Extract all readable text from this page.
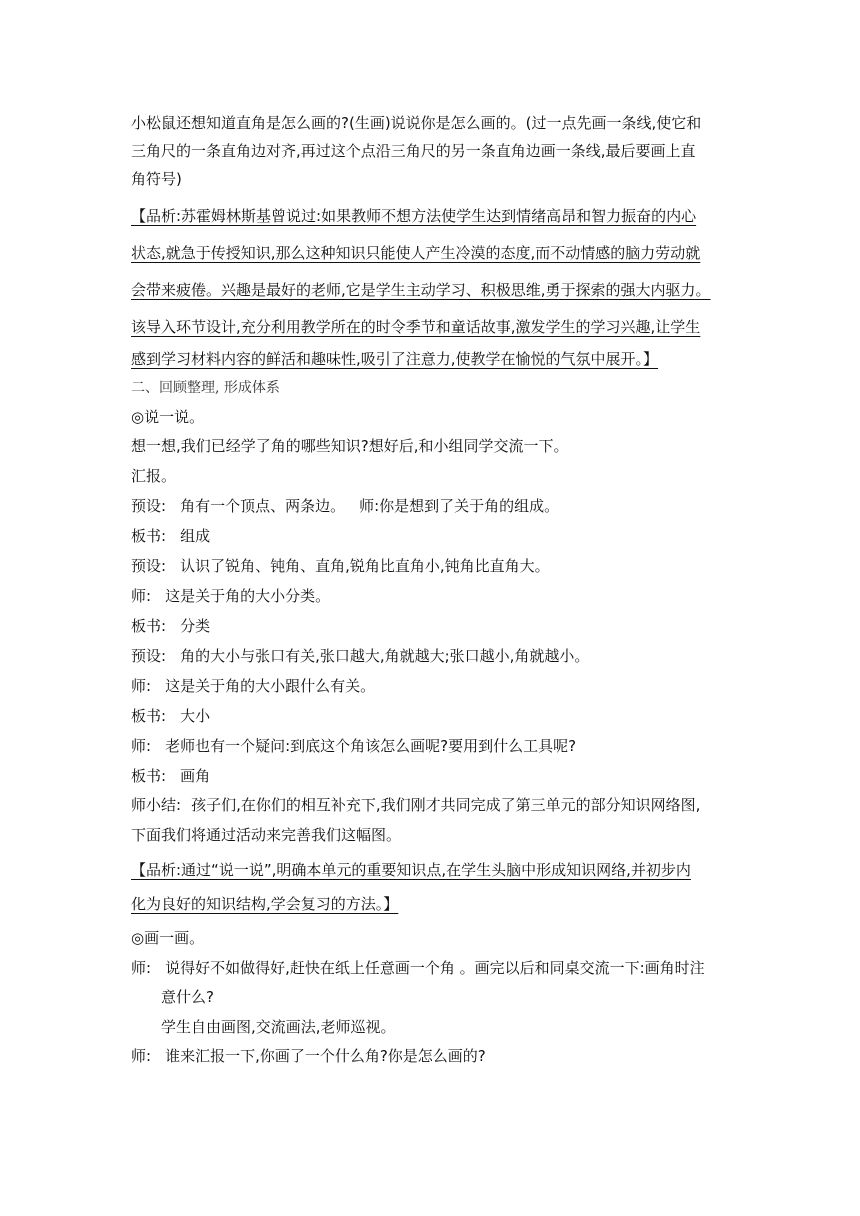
小松鼠还想知道直角是怎么画的?(生画)说说你是怎么画的。(过一点先画一条线,使它和
三角尺的一条直角边对齐,再过这个点沿三角尺的另一条直角边画一条线,最后要画上直
角符号)
【品析:苏霍姆林斯基曾说过:如果教师不想方法使学生达到情绪高昂和智力振奋的内心
状态,就急于传授知识,那么这种知识只能使人产生冷漠的态度,而不动情感的脑力劳动就
会带来疲倦。兴趣是最好的老师,它是学生主动学习、积极思维,勇于探索的强大内驱力。
该导入环节设计,充分利用教学所在的时令季节和童话故事,激发学生的学习兴趣,让学生
感到学习材料内容的鲜活和趣味性,吸引了注意力,使教学在愉悦的气氛中展开。】
二、回顾整理, 形成体系
◎说一说。
想一想,我们已经学了角的哪些知识?想好后,和小组同学交流一下。
汇报。
预设: 角有一个顶点、两条边。 师:你是想到了关于角的组成。
板书: 组成
预设: 认识了锐角、钝角、直角,锐角比直角小,钝角比直角大。
师: 这是关于角的大小分类。
板书: 分类
预设: 角的大小与张口有关,张口越大,角就越大;张口越小,角就越小。
师: 这是关于角的大小跟什么有关。
板书: 大小
师: 老师也有一个疑问:到底这个角该怎么画呢?要用到什么工具呢?
板书: 画角
师小结: 孩子们,在你们的相互补充下,我们刚才共同完成了第三单元的部分知识网络图,
下面我们将通过活动来完善我们这幅图。
【品析:通过“说一说”,明确本单元的重要知识点,在学生头脑中形成知识网络,并初步内
化为良好的知识结构,学会复习的方法。】
◎画一画。
师: 说得好不如做得好,赶快在纸上任意画一个角 。画完以后和同桌交流一下:画角时注
意什么?
学生自由画图,交流画法,老师巡视。
师: 谁来汇报一下,你画了一个什么角?你是怎么画的?
